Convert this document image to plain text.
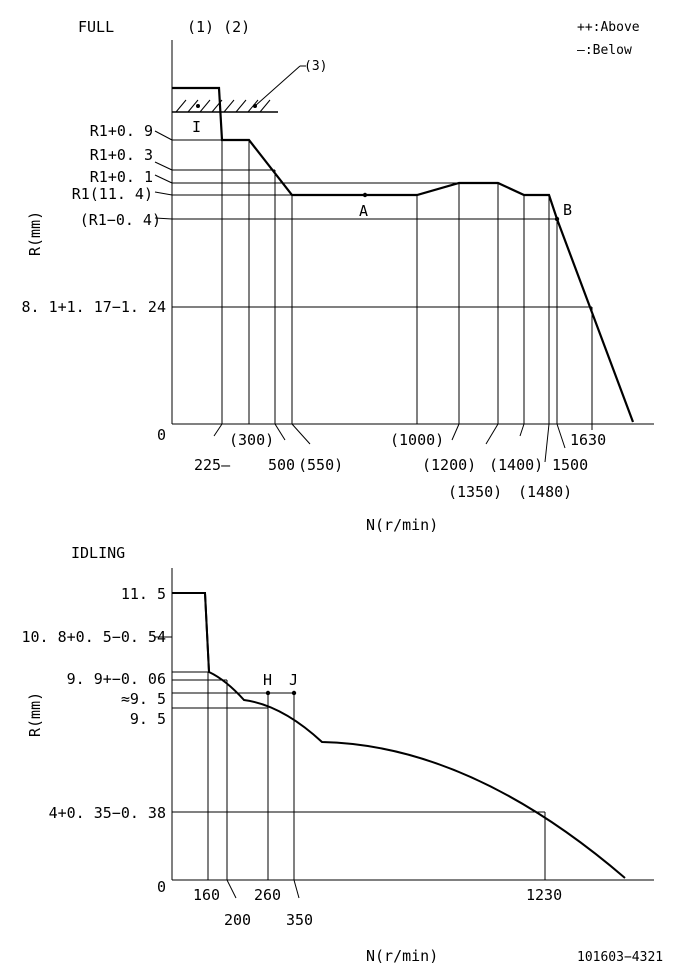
FULL	(1) (2)	++:Above
—:Below
(3)
I
A	B
R1+0. 9
R1+0. 3
R1+0. 1
R1(11. 4)
(R1−0. 4)
8. 1+1. 17−1. 24
0
225—
(300)
500 (550)
(1000)
(1200)
(1350)
(1400)
(1480)
1500
1630
R(mm)
N(r/min)
IDLING
H J
11. 5
10. 8+0. 5−0. 54
9. 9+−0. 06
≈9. 5
9. 5
4+0. 35−0. 38
0 160
200
260
350
1230
R(mm)
N(r/min)	101603−4321
